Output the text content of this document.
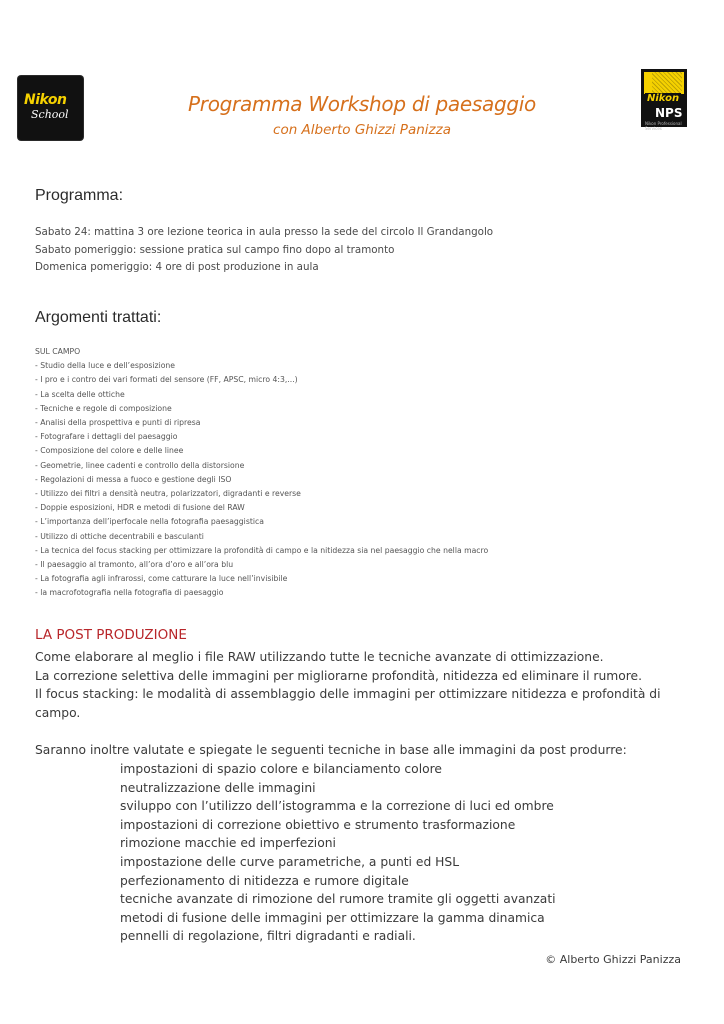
Nikon
School
Nikon
NPS
Nikon Professional Services
Programma Workshop di paesaggio
con Alberto Ghizzi Panizza
Programma:
Sabato 24: mattina 3 ore lezione teorica in aula presso la sede del circolo Il Grandangolo
Sabato pomeriggio: sessione pratica sul campo fino dopo al tramonto
Domenica pomeriggio: 4 ore di post produzione in aula
Argomenti trattati:
SUL CAMPO
- Studio della luce e dell’esposizione
- I pro e i contro dei vari formati del sensore (FF, APSC, micro 4:3,...)
- La scelta delle ottiche
- Tecniche e regole di composizione
- Analisi della prospettiva e punti di ripresa
- Fotografare i dettagli del paesaggio
- Composizione del colore e delle linee
- Geometrie, linee cadenti e controllo della distorsione
- Regolazioni di messa a fuoco e gestione degli ISO
- Utilizzo dei filtri a densità neutra, polarizzatori, digradanti e reverse
- Doppie esposizioni, HDR e metodi di fusione del RAW
- L’importanza dell’iperfocale nella fotografia paesaggistica
- Utilizzo di ottiche decentrabili e basculanti
- La tecnica del focus stacking per ottimizzare la profondità di campo e la nitidezza sia nel paesaggio che nella macro
- Il paesaggio al tramonto, all’ora d’oro e all’ora blu
- La fotografia agli infrarossi, come catturare la luce nell’invisibile
- la macrofotografia nella fotografia di paesaggio
LA POST PRODUZIONE
Come elaborare al meglio i file RAW utilizzando tutte le tecniche avanzate di ottimizzazione.
La correzione selettiva delle immagini per migliorarne profondità, nitidezza ed eliminare il rumore.
Il focus stacking: le modalità di assemblaggio delle immagini per ottimizzare nitidezza e profondità di campo.
Saranno inoltre valutate e spiegate le seguenti tecniche in base alle immagini da post produrre:
impostazioni di spazio colore e bilanciamento colore
neutralizzazione delle immagini
sviluppo con l’utilizzo dell’istogramma e la correzione di luci ed ombre
impostazioni di correzione obiettivo e strumento trasformazione
rimozione macchie ed imperfezioni
impostazione delle curve parametriche, a punti ed HSL
perfezionamento di nitidezza e rumore digitale
tecniche avanzate di rimozione del rumore tramite gli oggetti avanzati
metodi di fusione delle immagini per ottimizzare la gamma dinamica
pennelli di regolazione, filtri digradanti e radiali.
© Alberto Ghizzi Panizza
